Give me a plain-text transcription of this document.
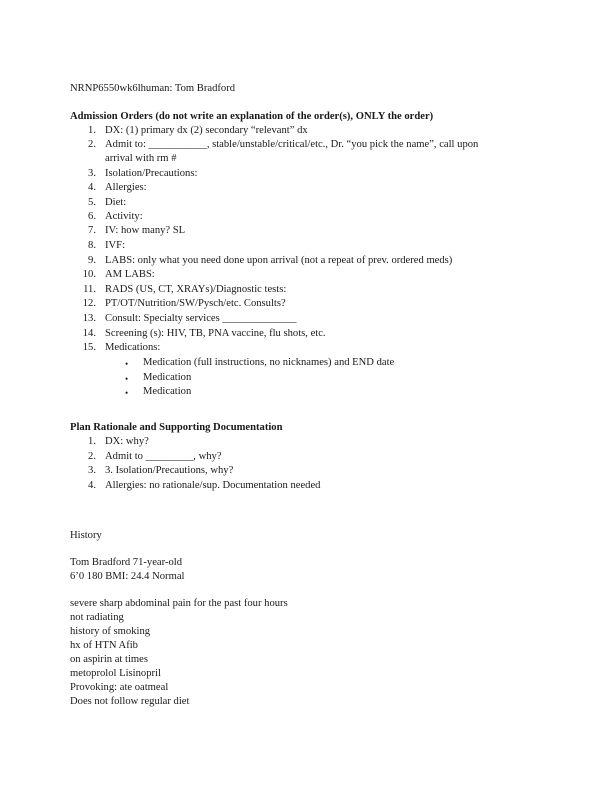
NRNP6550wk6lhuman: Tom Bradford
Admission Orders (do not write an explanation of the order(s), ONLY the order)
1. DX: (1) primary dx (2) secondary “relevant” dx
2. Admit to: ___________, stable/unstable/critical/etc., Dr. “you pick the name”, call upon
arrival with rm #
3. Isolation/Precautions:
4. Allergies:
5. Diet:
6. Activity:
7. IV: how many? SL
8. IVF:
9. LABS: only what you need done upon arrival (not a repeat of prev. ordered meds)
10. AM LABS:
11. RADS (US, CT, XRAYs)/Diagnostic tests:
12. PT/OT/Nutrition/SW/Pysch/etc. Consults?
13. Consult: Specialty services ______________
14. Screening (s): HIV, TB, PNA vaccine, flu shots, etc.
15. Medications:
• Medication (full instructions, no nicknames) and END date
• Medication
• Medication
Plan Rationale and Supporting Documentation
1. DX: why?
2. Admit to _________, why?
3. 3. Isolation/Precautions, why?
4. Allergies: no rationale/sup. Documentation needed
History
Tom Bradford 71-year-old
6’0 180 BMI: 24.4 Normal
severe sharp abdominal pain for the past four hours
not radiating
history of smoking
hx of HTN Afib
on aspirin at times
metoprolol Lisinopril
Provoking: ate oatmeal
Does not follow regular diet
